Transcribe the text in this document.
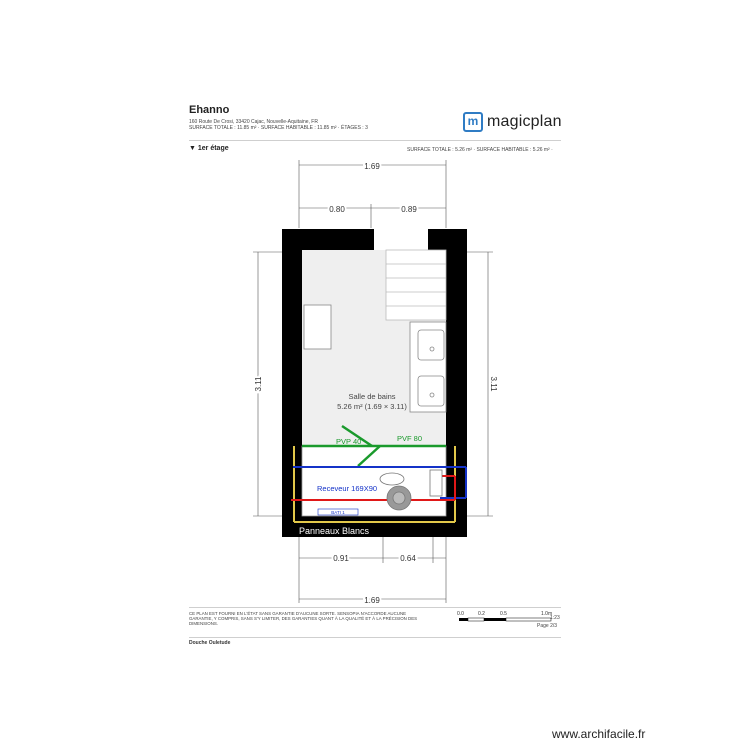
Ehanno
160 Route De Crosi, 33420 Cajac, Nouvelle-Aquitaine, FR
SURFACE TOTALE : 11.85 m² · SURFACE HABITABLE : 11.85 m² · ÉTAGES : 3	m magicplan
▼ 1er étage	SURFACE TOTALE : 5.26 m² · SURFACE HABITABLE : 5.26 m² ·
1.69
0.80	0.89
3.11	3.11
Salle de bains
5.26 m² (1.69 × 3.11)
PVP 40	PVF 80
Receveur 169X90
BATI 1
Panneaux Blancs
0.91	0.64
1.69
0.0	0.2	0.5	1.0m
CE PLAN EST FOURNI EN L'ÉTAT SANS GARANTIE D'AUCUNE SORTE. SENSOPIA N'ACCORDE AUCUNE GARANTIE, Y COMPRIS, SANS S'Y LIMITER, DES GARANTIES QUANT À LA QUALITÉ ET À LA PRÉCISION DES DIMENSIONS.
1:23
Page 2/3
Douche Ouletude
www.archifacile.fr
